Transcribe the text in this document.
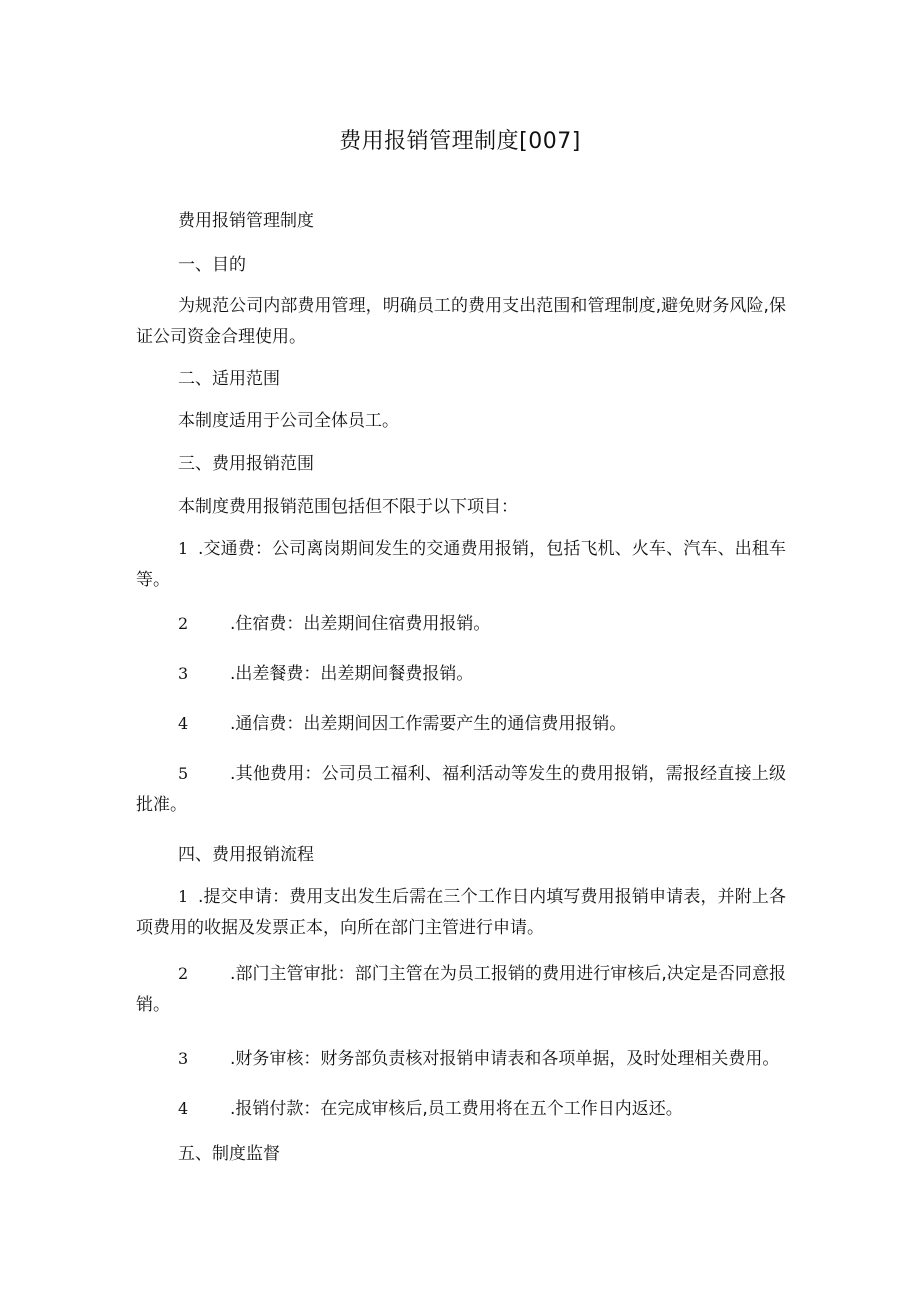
费用报销管理制度[007]
费用报销管理制度
一、目的
为规范公司内部费用管理，明确员工的费用支出范围和管理制度,避免财务风险,保
证公司资金合理使用。
二、适用范围
本制度适用于公司全体员工。
三、费用报销范围
本制度费用报销范围包括但不限于以下项目：
1 .交通费：公司离岗期间发生的交通费用报销，包括飞机、火车、汽车、出租车
等。
2 .住宿费：出差期间住宿费用报销。
3 .出差餐费：出差期间餐费报销。
4 .通信费：出差期间因工作需要产生的通信费用报销。
5 .其他费用：公司员工福利、福利活动等发生的费用报销，需报经直接上级
批准。
四、费用报销流程
1 .提交申请：费用支出发生后需在三个工作日内填写费用报销申请表，并附上各
项费用的收据及发票正本，向所在部门主管进行申请。
2 .部门主管审批：部门主管在为员工报销的费用进行审核后,决定是否同意报
销。
3 .财务审核：财务部负责核对报销申请表和各项单据，及时处理相关费用。
4 .报销付款：在完成审核后,员工费用将在五个工作日内返还。
五、制度监督
